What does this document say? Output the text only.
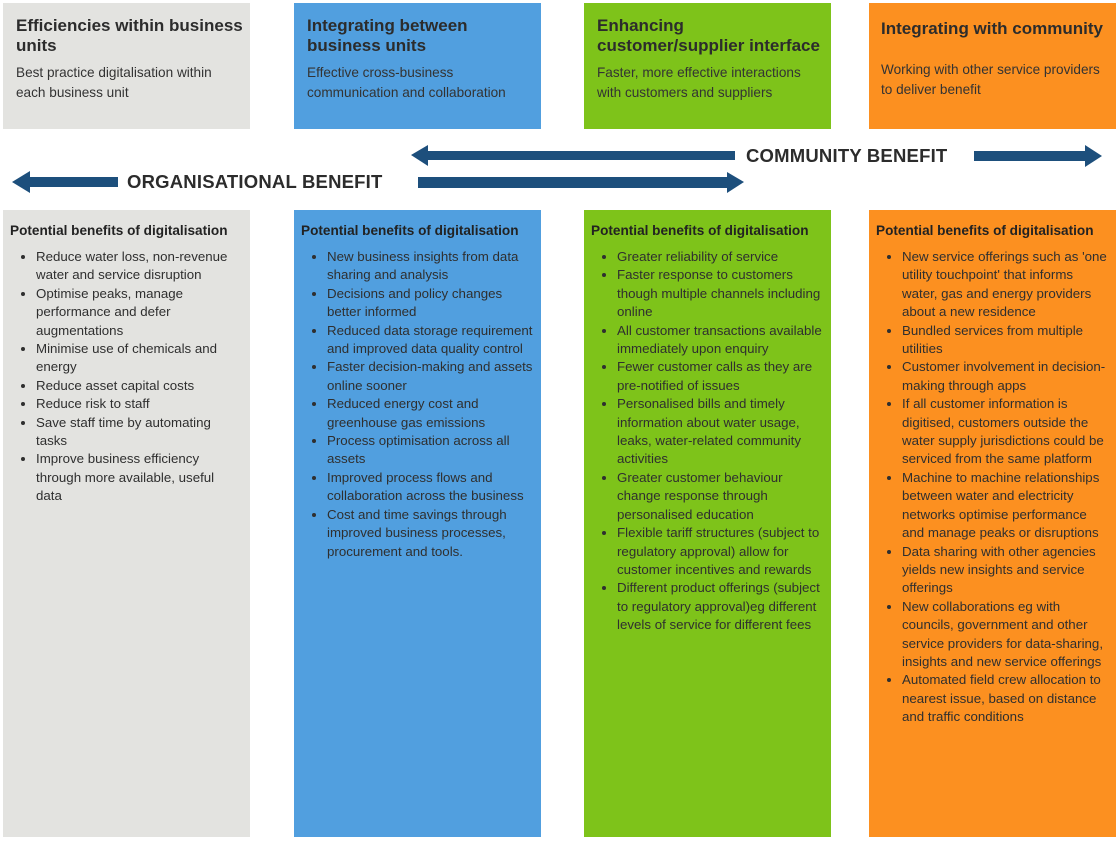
Efficiencies within business units
Best practice digitalisation within each business unit
Integrating between business units
Effective cross-business communication and collaboration
Enhancing customer/supplier interface
Faster, more effective interactions with customers and suppliers
Integrating with community
Working with other service providers to deliver benefit
COMMUNITY BENEFIT
ORGANISATIONAL BENEFIT
Potential benefits of digitalisation
• Reduce water loss, non-revenue water and service disruption
• Optimise peaks, manage performance and defer augmentations
• Minimise use of chemicals and energy
• Reduce asset capital costs
• Reduce risk to staff
• Save staff time by automating tasks
• Improve business efficiency through more available, useful data
Potential benefits of digitalisation
• New business insights from data sharing and analysis
• Decisions and policy changes better informed
• Reduced data storage requirement and improved data quality control
• Faster decision-making and assets online sooner
• Reduced energy cost and greenhouse gas emissions
• Process optimisation across all assets
• Improved process flows and collaboration across the business
• Cost and time savings through improved business processes, procurement and tools.
Potential benefits of digitalisation
• Greater reliability of service
• Faster response to customers though multiple channels including online
• All customer transactions available immediately upon enquiry
• Fewer customer calls as they are pre-notified of issues
• Personalised bills and timely information about water usage, leaks, water-related community activities
• Greater customer behaviour change response through personalised education
• Flexible tariff structures (subject to regulatory approval) allow for customer incentives and rewards
• Different product offerings (subject to regulatory approval)eg different levels of service for different fees
Potential benefits of digitalisation
• New service offerings such as 'one utility touchpoint' that informs water, gas and energy providers about a new residence
• Bundled services from multiple utilities
• Customer involvement in decision-making through apps
• If all customer information is digitised, customers outside the water supply jurisdictions could be serviced from the same platform
• Machine to machine relationships between water and electricity networks optimise performance and manage peaks or disruptions
• Data sharing with other agencies yields new insights and service offerings
• New collaborations eg with councils, government and other service providers for data-sharing, insights and new service offerings
• Automated field crew allocation to nearest issue, based on distance and traffic conditions
